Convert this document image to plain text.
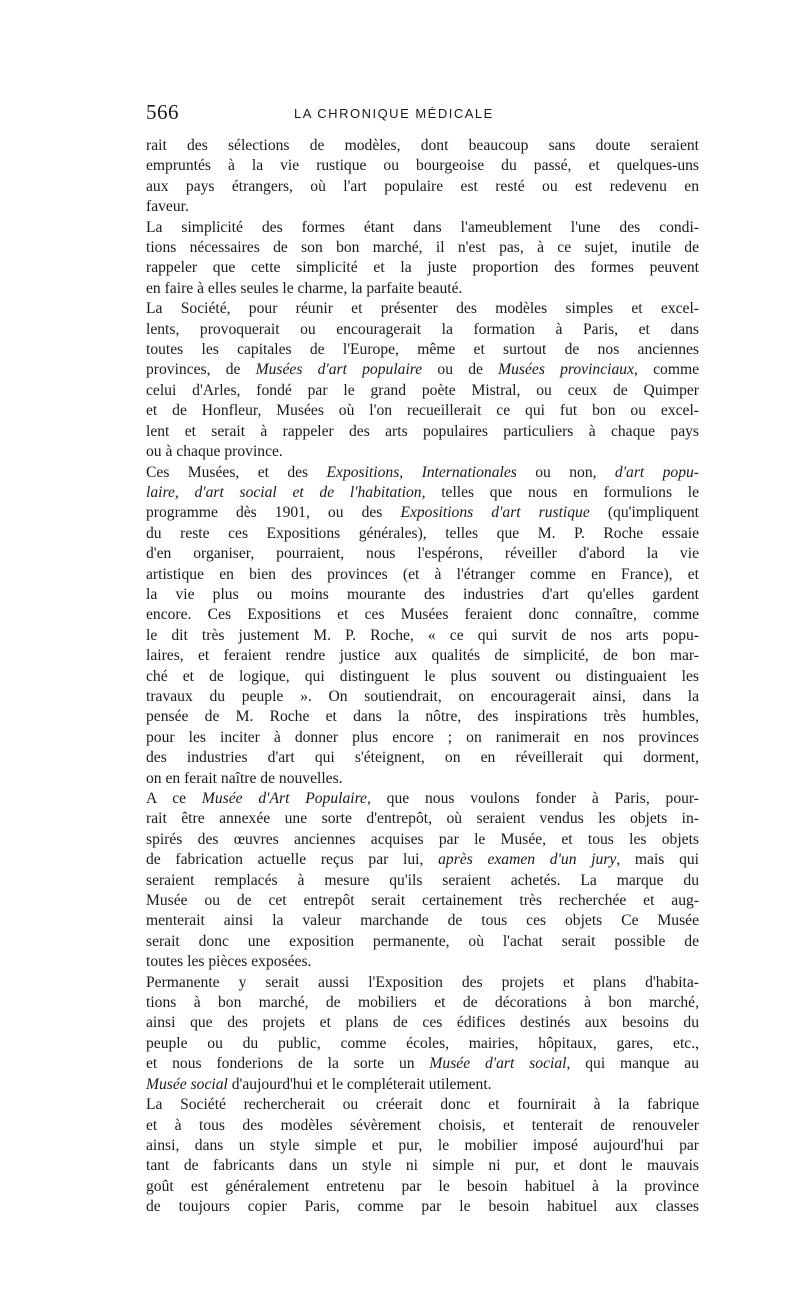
566	LA CHRONIQUE MÉDICALE
rait des sélections de modèles, dont beaucoup sans doute seraient
empruntés à la vie rustique ou bourgeoise du passé, et quelques-uns
aux pays étrangers, où l'art populaire est resté ou est redevenu en
faveur.
La simplicité des formes étant dans l'ameublement l'une des condi-
tions nécessaires de son bon marché, il n'est pas, à ce sujet, inutile de
rappeler que cette simplicité et la juste proportion des formes peuvent
en faire à elles seules le charme, la parfaite beauté.
La Société, pour réunir et présenter des modèles simples et excel-
lents, provoquerait ou encouragerait la formation à Paris, et dans
toutes les capitales de l'Europe, même et surtout de nos anciennes
provinces, de Musées d'art populaire ou de Musées provinciaux, comme
celui d'Arles, fondé par le grand poète Mistral, ou ceux de Quimper
et de Honfleur, Musées où l'on recueillerait ce qui fut bon ou excel-
lent et serait à rappeler des arts populaires particuliers à chaque pays
ou à chaque province.
Ces Musées, et des Expositions, Internationales ou non, d'art popu-
laire, d'art social et de l'habitation, telles que nous en formulions le
programme dès 1901, ou des Expositions d'art rustique (qu'impliquent
du reste ces Expositions générales), telles que M. P. Roche essaie
d'en organiser, pourraient, nous l'espérons, réveiller d'abord la vie
artistique en bien des provinces (et à l'étranger comme en France), et
la vie plus ou moins mourante des industries d'art qu'elles gardent
encore. Ces Expositions et ces Musées feraient donc connaître, comme
le dit très justement M. P. Roche, « ce qui survit de nos arts popu-
laires, et feraient rendre justice aux qualités de simplicité, de bon mar-
ché et de logique, qui distinguent le plus souvent ou distinguaient les
travaux du peuple ». On soutiendrait, on encouragerait ainsi, dans la
pensée de M. Roche et dans la nôtre, des inspirations très humbles,
pour les inciter à donner plus encore ; on ranimerait en nos provinces
des industries d'art qui s'éteignent, on en réveillerait qui dorment,
on en ferait naître de nouvelles.
A ce Musée d'Art Populaire, que nous voulons fonder à Paris, pour-
rait être annexée une sorte d'entrepôt, où seraient vendus les objets in-
spirés des œuvres anciennes acquises par le Musée, et tous les objets
de fabrication actuelle reçus par lui, après examen d'un jury, mais qui
seraient remplacés à mesure qu'ils seraient achetés. La marque du
Musée ou de cet entrepôt serait certainement très recherchée et aug-
menterait ainsi la valeur marchande de tous ces objets Ce Musée
serait donc une exposition permanente, où l'achat serait possible de
toutes les pièces exposées.
Permanente y serait aussi l'Exposition des projets et plans d'habita-
tions à bon marché, de mobiliers et de décorations à bon marché,
ainsi que des projets et plans de ces édifices destinés aux besoins du
peuple ou du public, comme écoles, mairies, hôpitaux, gares, etc.,
et nous fonderions de la sorte un Musée d'art social, qui manque au
Musée social d'aujourd'hui et le compléterait utilement.
La Société rechercherait ou créerait donc et fournirait à la fabrique
et à tous des modèles sévèrement choisis, et tenterait de renouveler
ainsi, dans un style simple et pur, le mobilier imposé aujourd'hui par
tant de fabricants dans un style ni simple ni pur, et dont le mauvais
goût est généralement entretenu par le besoin habituel à la province
de toujours copier Paris, comme par le besoin habituel aux classes
